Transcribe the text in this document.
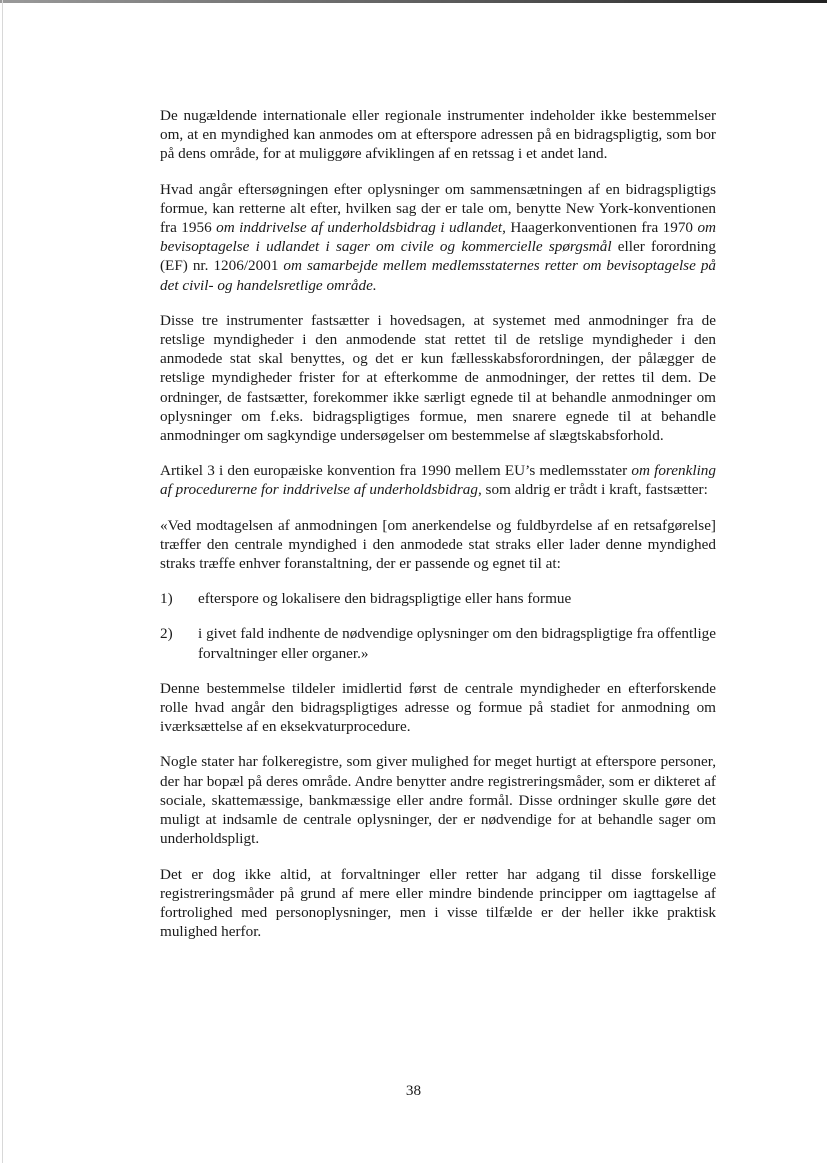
De nugældende internationale eller regionale instrumenter indeholder ikke bestemmelser om, at en myndighed kan anmodes om at efterspore adressen på en bidragspligtig, som bor på dens område, for at muliggøre afviklingen af en retssag i et andet land.

Hvad angår eftersøgningen efter oplysninger om sammensætningen af en bidragspligtigs formue, kan retterne alt efter, hvilken sag der er tale om, benytte New York-konventionen fra 1956 om inddrivelse af underholdsbidrag i udlandet, Haagerkonventionen fra 1970 om bevisoptagelse i udlandet i sager om civile og kommercielle spørgsmål eller forordning (EF) nr. 1206/2001 om samarbejde mellem medlemsstaternes retter om bevisoptagelse på det civil- og handelsretlige område.

Disse tre instrumenter fastsætter i hovedsagen, at systemet med anmodninger fra de retslige myndigheder i den anmodende stat rettet til de retslige myndigheder i den anmodede stat skal benyttes, og det er kun fællesskabsforordningen, der pålægger de retslige myndigheder frister for at efterkomme de anmodninger, der rettes til dem. De ordninger, de fastsætter, forekommer ikke særligt egnede til at behandle anmodninger om oplysninger om f.eks. bidragspligtiges formue, men snarere egnede til at behandle anmodninger om sagkyndige undersøgelser om bestemmelse af slægtskabsforhold.

Artikel 3 i den europæiske konvention fra 1990 mellem EU’s medlemsstater om forenkling af procedurerne for inddrivelse af underholdsbidrag, som aldrig er trådt i kraft, fastsætter:

«Ved modtagelsen af anmodningen [om anerkendelse og fuldbyrdelse af en retsafgørelse] træffer den centrale myndighed i den anmodede stat straks eller lader denne myndighed straks træffe enhver foranstaltning, der er passende og egnet til at:

1)	efterspore og lokalisere den bidragspligtige eller hans formue
2)	i givet fald indhente de nødvendige oplysninger om den bidragspligtige fra offentlige forvaltninger eller organer.»

Denne bestemmelse tildeler imidlertid først de centrale myndigheder en efterforskende rolle hvad angår den bidragspligtiges adresse og formue på stadiet for anmodning om iværksættelse af en eksekvaturprocedure.

Nogle stater har folkeregistre, som giver mulighed for meget hurtigt at efterspore personer, der har bopæl på deres område. Andre benytter andre registreringsmåder, som er dikteret af sociale, skattemæssige, bankmæssige eller andre formål. Disse ordninger skulle gøre det muligt at indsamle de centrale oplysninger, der er nødvendige for at behandle sager om underholdspligt.

Det er dog ikke altid, at forvaltninger eller retter har adgang til disse forskellige registreringsmåder på grund af mere eller mindre bindende principper om iagttagelse af fortrolighed med personoplysninger, men i visse tilfælde er der heller ikke praktisk mulighed herfor.

38
